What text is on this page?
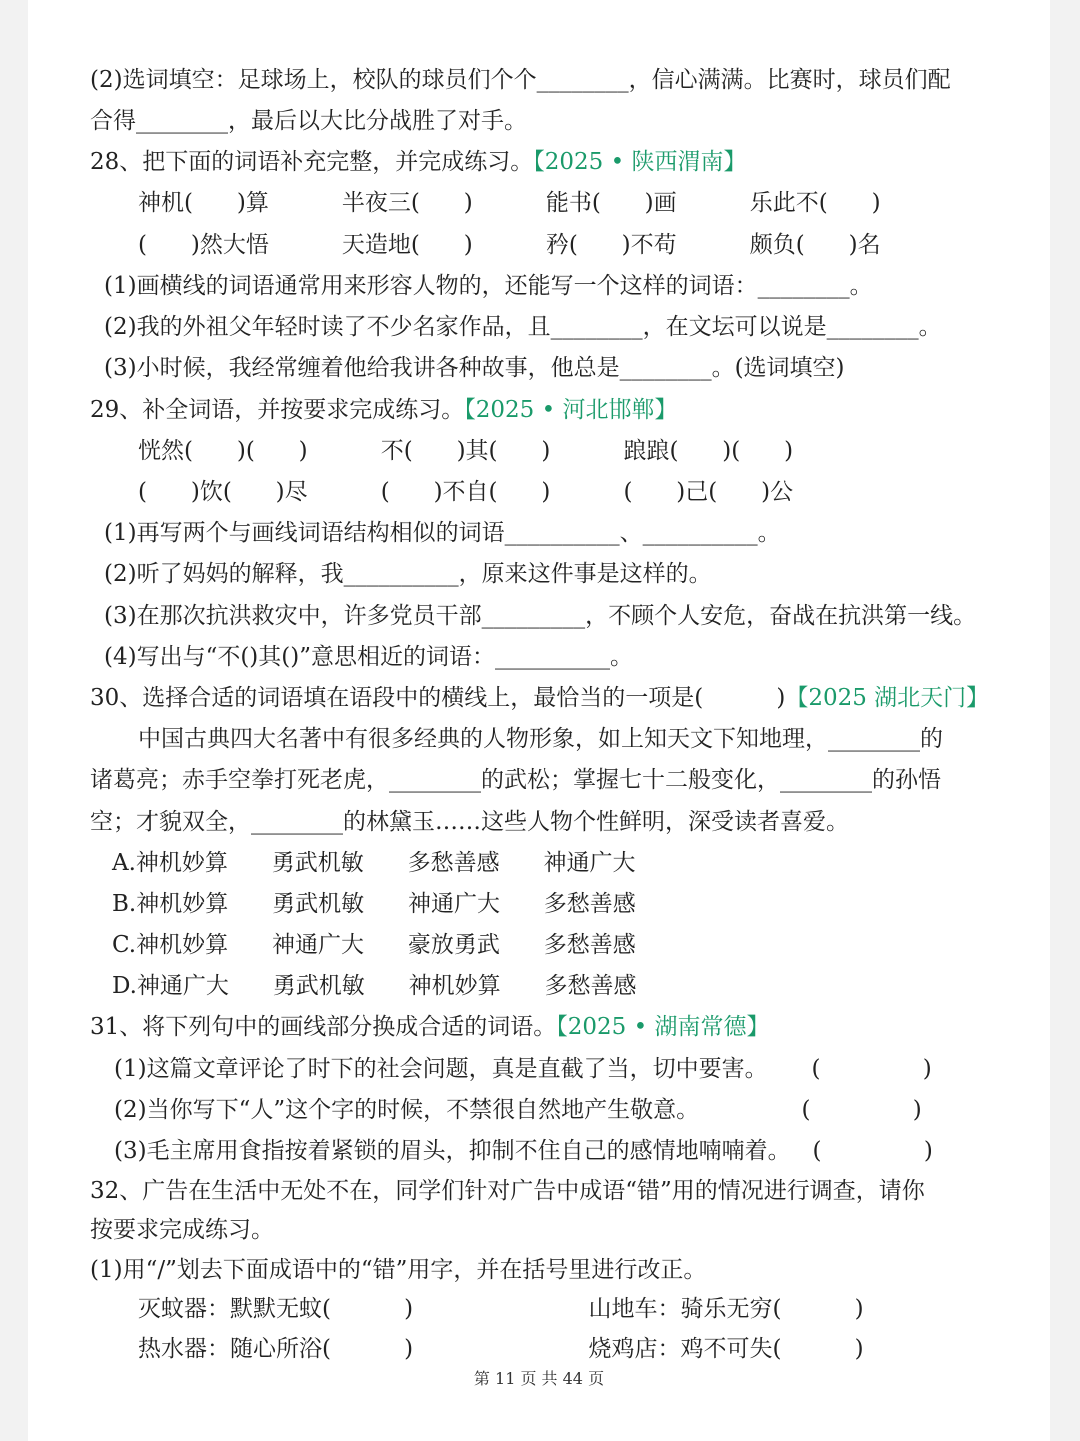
(2)选词填空：足球场上，校队的球员们个个________，信心满满。比赛时，球员们配
合得________，最后以大比分战胜了对手。
28、把下面的词语补充完整，并完成练习。【2025 • 陕西渭南】
神机(      )算          半夜三(      )          能书(      )画          乐此不(      )
(      )然大悟          天造地(      )          矜(      )不苟          颇负(      )名
(1)画横线的词语通常用来形容人物的，还能写一个这样的词语：________。
(2)我的外祖父年轻时读了不少名家作品，且________，在文坛可以说是________。
(3)小时候，我经常缠着他给我讲各种故事，他总是________。(选词填空)
29、补全词语，并按要求完成练习。【2025 • 河北邯郸】
恍然(      )(      )          不(      )其(      )          踉踉(      )(      )
(      )饮(      )尽          (      )不自(      )          (      )己(      )公
(1)再写两个与画线词语结构相似的词语__________、__________。
(2)听了妈妈的解释，我__________，原来这件事是这样的。
(3)在那次抗洪救灾中，许多党员干部_________，不顾个人安危，奋战在抗洪第一线。
(4)写出与“不()其()”意思相近的词语：__________。
30、选择合适的词语填在语段中的横线上，最恰当的一项是(          )【2025 湖北天门】
中国古典四大名著中有很多经典的人物形象，如上知天文下知地理，________的
诸葛亮；赤手空拳打死老虎，________的武松；掌握七十二般变化，________的孙悟
空；才貌双全，________的林黛玉……这些人物个性鲜明，深受读者喜爱。
A.神机妙算      勇武机敏      多愁善感      神通广大
B.神机妙算      勇武机敏      神通广大      多愁善感
C.神机妙算      神通广大      豪放勇武      多愁善感
D.神通广大      勇武机敏      神机妙算      多愁善感
31、将下列句中的画线部分换成合适的词语。【2025 • 湖南常德】
(1)这篇文章评论了时下的社会问题，真是直截了当，切中要害。      (              )
(2)当你写下“人”这个字的时候，不禁很自然地产生敬意。              (              )
(3)毛主席用食指按着紧锁的眉头，抑制不住自己的感情地喃喃着。   (              )
32、广告在生活中无处不在，同学们针对广告中成语“错”用的情况进行调查，请你
按要求完成练习。
(1)用“/”划去下面成语中的“错”用字，并在括号里进行改正。
灭蚊器：默默无蚊(          )                        山地车：骑乐无穷(          )
热水器：随心所浴(          )                        烧鸡店：鸡不可失(          )
第 11 页 共 44 页
